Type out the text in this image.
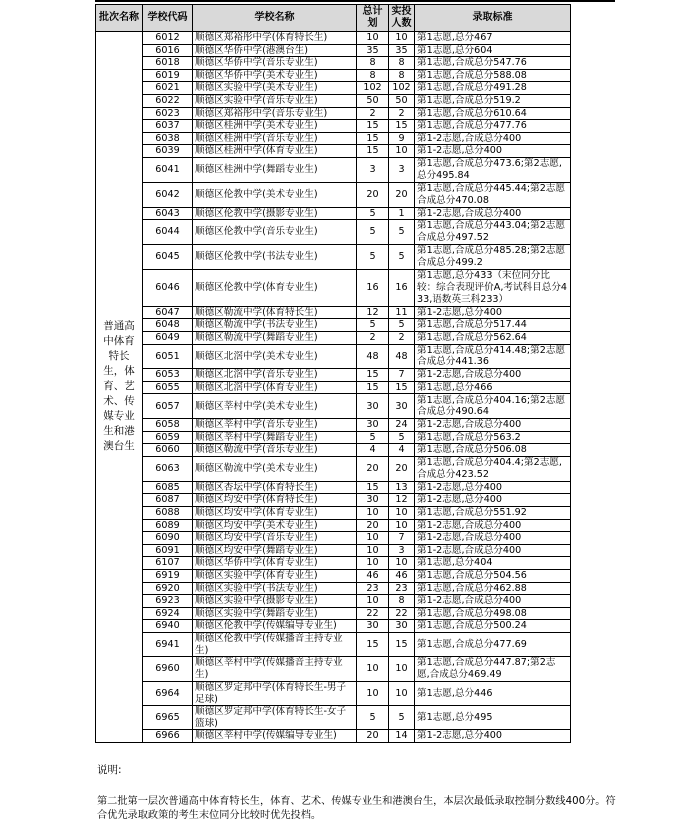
批次名称	学校代码	学校名称	总计划	实投人数	录取标准
普通高中体育特长生，体育、艺术、传媒专业生和港澳台生	6012	顺德区郑裕彤中学(体育特长生)	10	10	第1志愿,总分467
	6016	顺德区华侨中学(港澳台生)	35	35	第1志愿,总分604
	6018	顺德区华侨中学(音乐专业生)	8	8	第1志愿,合成总分547.76
	6019	顺德区华侨中学(美术专业生)	8	8	第1志愿,合成总分588.08
	6021	顺德区实验中学(美术专业生)	102	102	第1志愿,合成总分491.28
	6022	顺德区实验中学(音乐专业生)	50	50	第1志愿,合成总分519.2
	6023	顺德区郑裕彤中学(音乐专业生)	2	2	第1志愿,合成总分610.64
	6037	顺德区桂洲中学(美术专业生)	15	15	第1志愿,合成总分477.76
	6038	顺德区桂洲中学(音乐专业生)	15	9	第1-2志愿,合成总分400
	6039	顺德区桂洲中学(体育专业生)	15	10	第1-2志愿,总分400
	6041	顺德区桂洲中学(舞蹈专业生)	3	3	第1志愿,合成总分473.6;第2志愿,总分495.84
	6042	顺德区伦教中学(美术专业生)	20	20	第1志愿,合成总分445.44;第2志愿合成总分470.08
	6043	顺德区伦教中学(摄影专业生)	5	1	第1-2志愿,合成总分400
	6044	顺德区伦教中学(音乐专业生)	5	5	第1志愿,合成总分443.04;第2志愿合成总分497.52
	6045	顺德区伦教中学(书法专业生)	5	5	第1志愿,合成总分485.28;第2志愿合成总分499.2
	6046	顺德区伦教中学(体育专业生)	16	16	第1志愿,总分433（末位同分比较：综合表现评价A,考试科目总分433,语数英三科233）
	6047	顺德区勒流中学(体育特长生)	12	11	第1-2志愿,总分400
	6048	顺德区勒流中学(书法专业生)	5	5	第1志愿,合成总分517.44
	6049	顺德区勒流中学(舞蹈专业生)	2	2	第1志愿,合成总分562.64
	6051	顺德区北滘中学(美术专业生)	48	48	第1志愿,合成总分414.48;第2志愿合成总分441.36
	6053	顺德区北滘中学(音乐专业生)	15	7	第1-2志愿,合成总分400
	6055	顺德区北滘中学(体育专业生)	15	15	第1志愿,总分466
	6057	顺德区莘村中学(美术专业生)	30	30	第1志愿,合成总分404.16;第2志愿合成总分490.64
	6058	顺德区莘村中学(音乐专业生)	30	24	第1-2志愿,合成总分400
	6059	顺德区莘村中学(舞蹈专业生)	5	5	第1志愿,合成总分563.2
	6060	顺德区勒流中学(音乐专业生)	4	4	第1志愿,合成总分506.08
	6063	顺德区勒流中学(美术专业生)	20	20	第1志愿,合成总分404.4;第2志愿,合成总分423.52
	6085	顺德区杏坛中学(体育特长生)	15	13	第1-2志愿,总分400
	6087	顺德区均安中学(体育特长生)	30	12	第1-2志愿,总分400
	6088	顺德区均安中学(体育专业生)	10	10	第1志愿,合成总分551.92
	6089	顺德区均安中学(美术专业生)	20	10	第1-2志愿,合成总分400
	6090	顺德区均安中学(音乐专业生)	10	7	第1-2志愿,合成总分400
	6091	顺德区均安中学(舞蹈专业生)	10	3	第1-2志愿,合成总分400
	6107	顺德区华侨中学(体育专业生)	10	10	第1志愿,总分404
	6919	顺德区实验中学(体育专业生)	46	46	第1志愿,合成总分504.56
	6920	顺德区实验中学(书法专业生)	23	23	第1志愿,合成总分462.88
	6923	顺德区实验中学(摄影专业生)	10	8	第1-2志愿,合成总分400
	6924	顺德区实验中学(舞蹈专业生)	22	22	第1志愿,合成总分498.08
	6940	顺德区伦教中学(传媒编导专业生)	30	30	第1志愿,合成总分500.24
	6941	顺德区伦教中学(传媒播音主持专业生)	15	15	第1志愿,合成总分477.69
	6960	顺德区莘村中学(传媒播音主持专业生)	10	10	第1志愿,合成总分447.87;第2志愿,合成总分469.49
	6964	顺德区罗定邦中学(体育特长生-男子足球)	10	10	第1志愿,总分446
	6965	顺德区罗定邦中学(体育特长生-女子篮球)	5	5	第1志愿,总分495
	6966	顺德区莘村中学(传媒编导专业生)	20	14	第1-2志愿,总分400
说明:
第二批第一层次普通高中体育特长生，体育、艺术、传媒专业生和港澳台生，本层次最低录取控制分数线400分。符合优先录取政策的考生末位同分比较时优先投档。
